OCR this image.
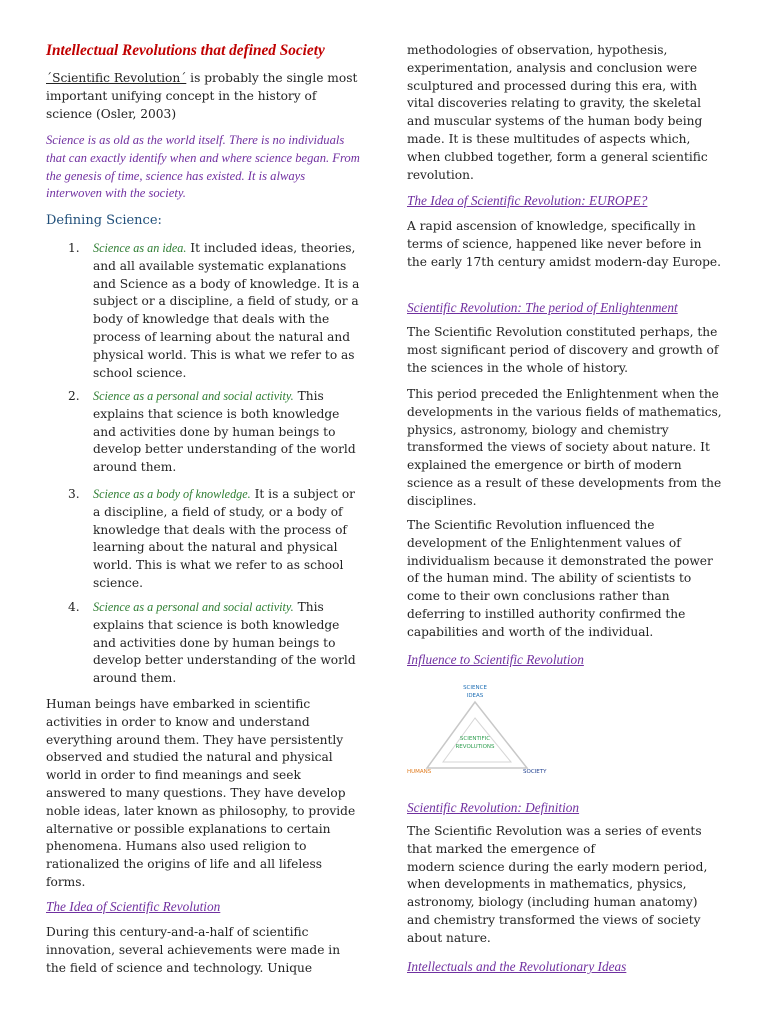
Intellectual Revolutions that defined Society

´Scientific Revolution´ is probably the single most important unifying concept in the history of science (Osler, 2003)

Science is as old as the world itself. There is no individuals that can exactly identify when and where science began. From the genesis of time, science has existed. It is always interwoven with the society.

Defining Science:

1. Science as an idea. It included ideas, theories, and all available systematic explanations and Science as a body of knowledge. It is a subject or a discipline, a field of study, or a body of knowledge that deals with the process of learning about the natural and physical world. This is what we refer to as school science.
2. Science as a personal and social activity. This explains that science is both knowledge and activities done by human beings to develop better understanding of the world around them.
3. Science as a body of knowledge. It is a subject or a discipline, a field of study, or a body of knowledge that deals with the process of learning about the natural and physical world. This is what we refer to as school science.
4. Science as a personal and social activity. This explains that science is both knowledge and activities done by human beings to develop better understanding of the world around them.

Human beings have embarked in scientific activities in order to know and understand everything around them. They have persistently observed and studied the natural and physical world in order to find meanings and seek answered to many questions. They have develop noble ideas, later known as philosophy, to provide alternative or possible explanations to certain phenomena. Humans also used religion to rationalized the origins of life and all lifeless forms.

The Idea of Scientific Revolution

During this century-and-a-half of scientific innovation, several achievements were made in the field of science and technology. Unique

methodologies of observation, hypothesis, experimentation, analysis and conclusion were sculptured and processed during this era, with vital discoveries relating to gravity, the skeletal and muscular systems of the human body being made. It is these multitudes of aspects which, when clubbed together, form a general scientific revolution.

The Idea of Scientific Revolution: EUROPE?

A rapid ascension of knowledge, specifically in terms of science, happened like never before in the early 17th century amidst modern-day Europe.

Scientific Revolution: The period of Enlightenment

The Scientific Revolution constituted perhaps, the most significant period of discovery and growth of the sciences in the whole of history.

This period preceded the Enlightenment when the developments in the various fields of mathematics, physics, astronomy, biology and chemistry transformed the views of society about nature. It explained the emergence or birth of modern science as a result of these developments from the disciplines.

The Scientific Revolution influenced the development of the Enlightenment values of individualism because it demonstrated the power of the human mind. The ability of scientists to come to their own conclusions rather than deferring to instilled authority confirmed the capabilities and worth of the individual.

Influence to Scientific Revolution

SCIENCE
IDEAS
SCIENTIFIC
REVOLUTIONS
HUMANS	SOCIETY

Scientific Revolution: Definition

The Scientific Revolution was a series of events that marked the emergence of
modern science during the early modern period, when developments in mathematics, physics, astronomy, biology (including human anatomy) and chemistry transformed the views of society about nature.

Intellectuals and the Revolutionary Ideas
